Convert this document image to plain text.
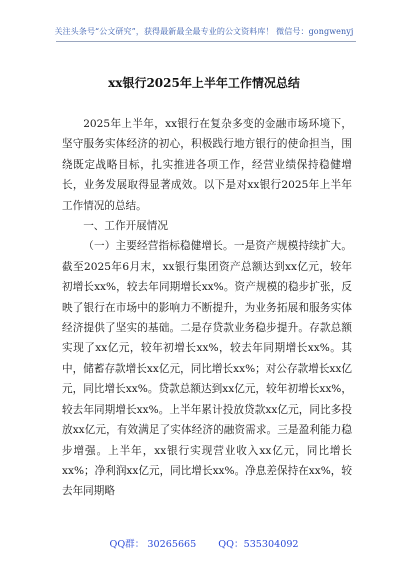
关注头条号“公文研究”，获得最新最全最专业的公文资料库！ 微信号：gongwenyj
xx银行2025年上半年工作情况总结

2025年上半年，xx银行在复杂多变的金融市场环境下，坚守服务实体经济的初心，积极践行地方银行的使命担当，围绕既定战略目标，扎实推进各项工作，经营业绩保持稳健增长，业务发展取得显著成效。以下是对xx银行2025年上半年工作情况的总结。

一、工作开展情况

（一）主要经营指标稳健增长。一是资产规模持续扩大。截至2025年6月末，xx银行集团资产总额达到xx亿元，较年初增长xx%，较去年同期增长xx%。资产规模的稳步扩张，反映了银行在市场中的影响力不断提升，为业务拓展和服务实体经济提供了坚实的基础。二是存贷款业务稳步提升。存款总额实现了xx亿元，较年初增长xx%，较去年同期增长xx%。其中，储蓄存款增长xx亿元，同比增长xx%；对公存款增长xx亿元，同比增长xx%。贷款总额达到xx亿元，较年初增长xx%，较去年同期增长xx%。上半年累计投放贷款xx亿元，同比多投放xx亿元，有效满足了实体经济的融资需求。三是盈利能力稳步增强。上半年，xx银行实现营业收入xx亿元，同比增长xx%；净利润xx亿元，同比增长xx%。净息差保持在xx%，较去年同期略

QQ群： 30265665 QQ：535304092
